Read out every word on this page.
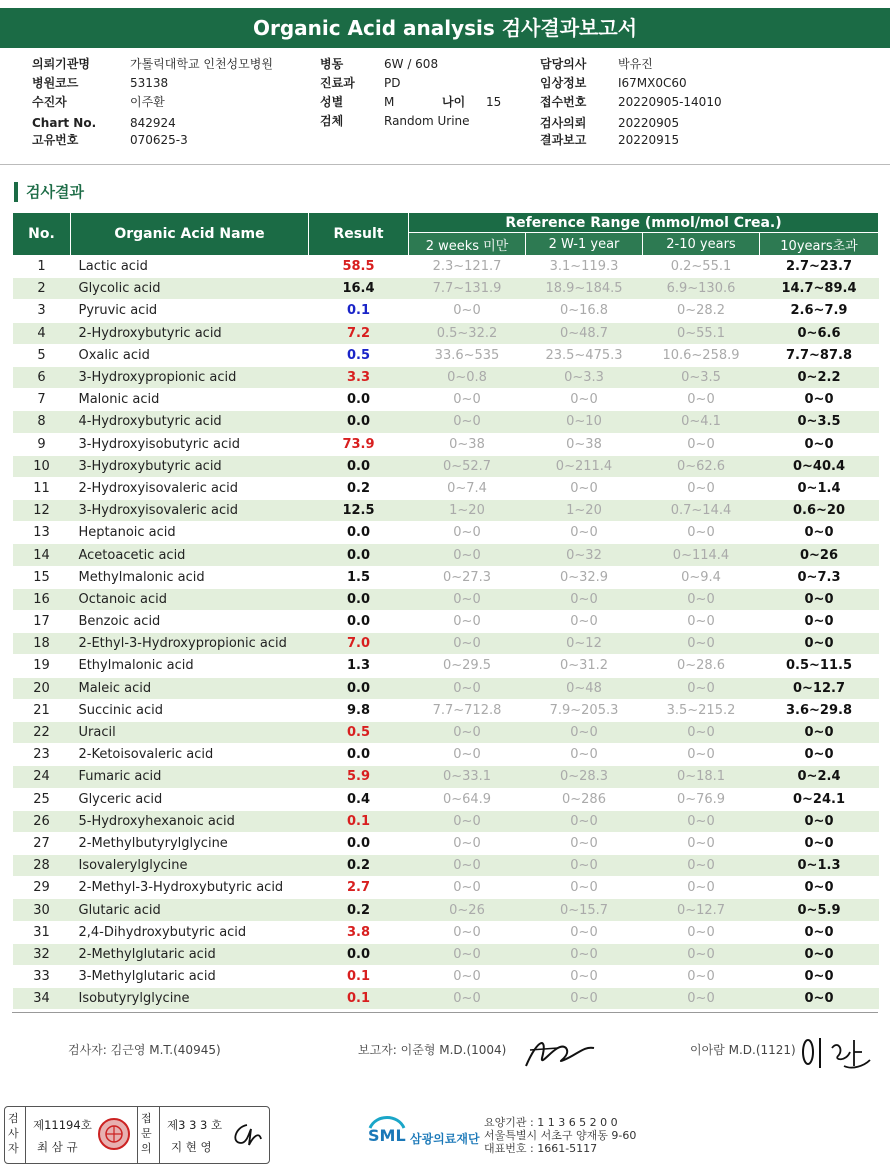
Organic Acid analysis 검사결과보고서
의뢰기관명	가톨릭대학교 인천성모병원
병원코드	53138
수진자	이주환
Chart No.	842924
고유번호	070625-3
병동	6W / 608
진료과 PD
성별	M	나이 15
검체	Random Urine
담당의사	박유진
임상정보	I67MX0C60
접수번호	20220905-14010
검사의뢰	20220905
결과보고	20220915
검사결과
No.	Organic Acid Name	Result	Reference Range (mmol/mol Crea.)			
			2 weeks 미만	2 W-1 year	2-10 years	10years초과
1	Lactic acid	58.5	2.3~121.7	3.1~119.3	0.2~55.1	2.7~23.7
2	Glycolic acid	16.4	7.7~131.9	18.9~184.5	6.9~130.6	14.7~89.4
3	Pyruvic acid	0.1	0~0	0~16.8	0~28.2	2.6~7.9
4	2-Hydroxybutyric acid	7.2	0.5~32.2	0~48.7	0~55.1	0~6.6
5	Oxalic acid	0.5	33.6~535	23.5~475.3	10.6~258.9	7.7~87.8
6	3-Hydroxypropionic acid	3.3	0~0.8	0~3.3	0~3.5	0~2.2
7	Malonic acid	0.0	0~0	0~0	0~0	0~0
8	4-Hydroxybutyric acid	0.0	0~0	0~10	0~4.1	0~3.5
9	3-Hydroxyisobutyric acid	73.9	0~38	0~38	0~0	0~0
10	3-Hydroxybutyric acid	0.0	0~52.7	0~211.4	0~62.6	0~40.4
11	2-Hydroxyisovaleric acid	0.2	0~7.4	0~0	0~0	0~1.4
12	3-Hydroxyisovaleric acid	12.5	1~20	1~20	0.7~14.4	0.6~20
13	Heptanoic acid	0.0	0~0	0~0	0~0	0~0
14	Acetoacetic acid	0.0	0~0	0~32	0~114.4	0~26
15	Methylmalonic acid	1.5	0~27.3	0~32.9	0~9.4	0~7.3
16	Octanoic acid	0.0	0~0	0~0	0~0	0~0
17	Benzoic acid	0.0	0~0	0~0	0~0	0~0
18	2-Ethyl-3-Hydroxypropionic acid	7.0	0~0	0~12	0~0	0~0
19	Ethylmalonic acid	1.3	0~29.5	0~31.2	0~28.6	0.5~11.5
20	Maleic acid	0.0	0~0	0~48	0~0	0~12.7
21	Succinic acid	9.8	7.7~712.8	7.9~205.3	3.5~215.2	3.6~29.8
22	Uracil	0.5	0~0	0~0	0~0	0~0
23	2-Ketoisovaleric acid	0.0	0~0	0~0	0~0	0~0
24	Fumaric acid	5.9	0~33.1	0~28.3	0~18.1	0~2.4
25	Glyceric acid	0.4	0~64.9	0~286	0~76.9	0~24.1
26	5-Hydroxyhexanoic acid	0.1	0~0	0~0	0~0	0~0
27	2-Methylbutyrylglycine	0.0	0~0	0~0	0~0	0~0
28	Isovalerylglycine	0.2	0~0	0~0	0~0	0~1.3
29	2-Methyl-3-Hydroxybutyric acid	2.7	0~0	0~0	0~0	0~0
30	Glutaric acid	0.2	0~26	0~15.7	0~12.7	0~5.9
31	2,4-Dihydroxybutyric acid	3.8	0~0	0~0	0~0	0~0
32	2-Methylglutaric acid	0.0	0~0	0~0	0~0	0~0
33	3-Methylglutaric acid	0.1	0~0	0~0	0~0	0~0
34	Isobutyrylglycine	0.1	0~0	0~0	0~0	0~0
검사자: 김근영 M.T.(40945)	보고자: 이준형 M.D.(1004)	이아람 M.D.(1121)
검사자
제11194호
최 삼 규
접문의
제3 3 3 호
지 현 영
SML 삼광의료재단
요양기관 : 1 1 3 6 5 2 0 0
서울특별시 서초구 양재동 9-60
대표번호 : 1661-5117
